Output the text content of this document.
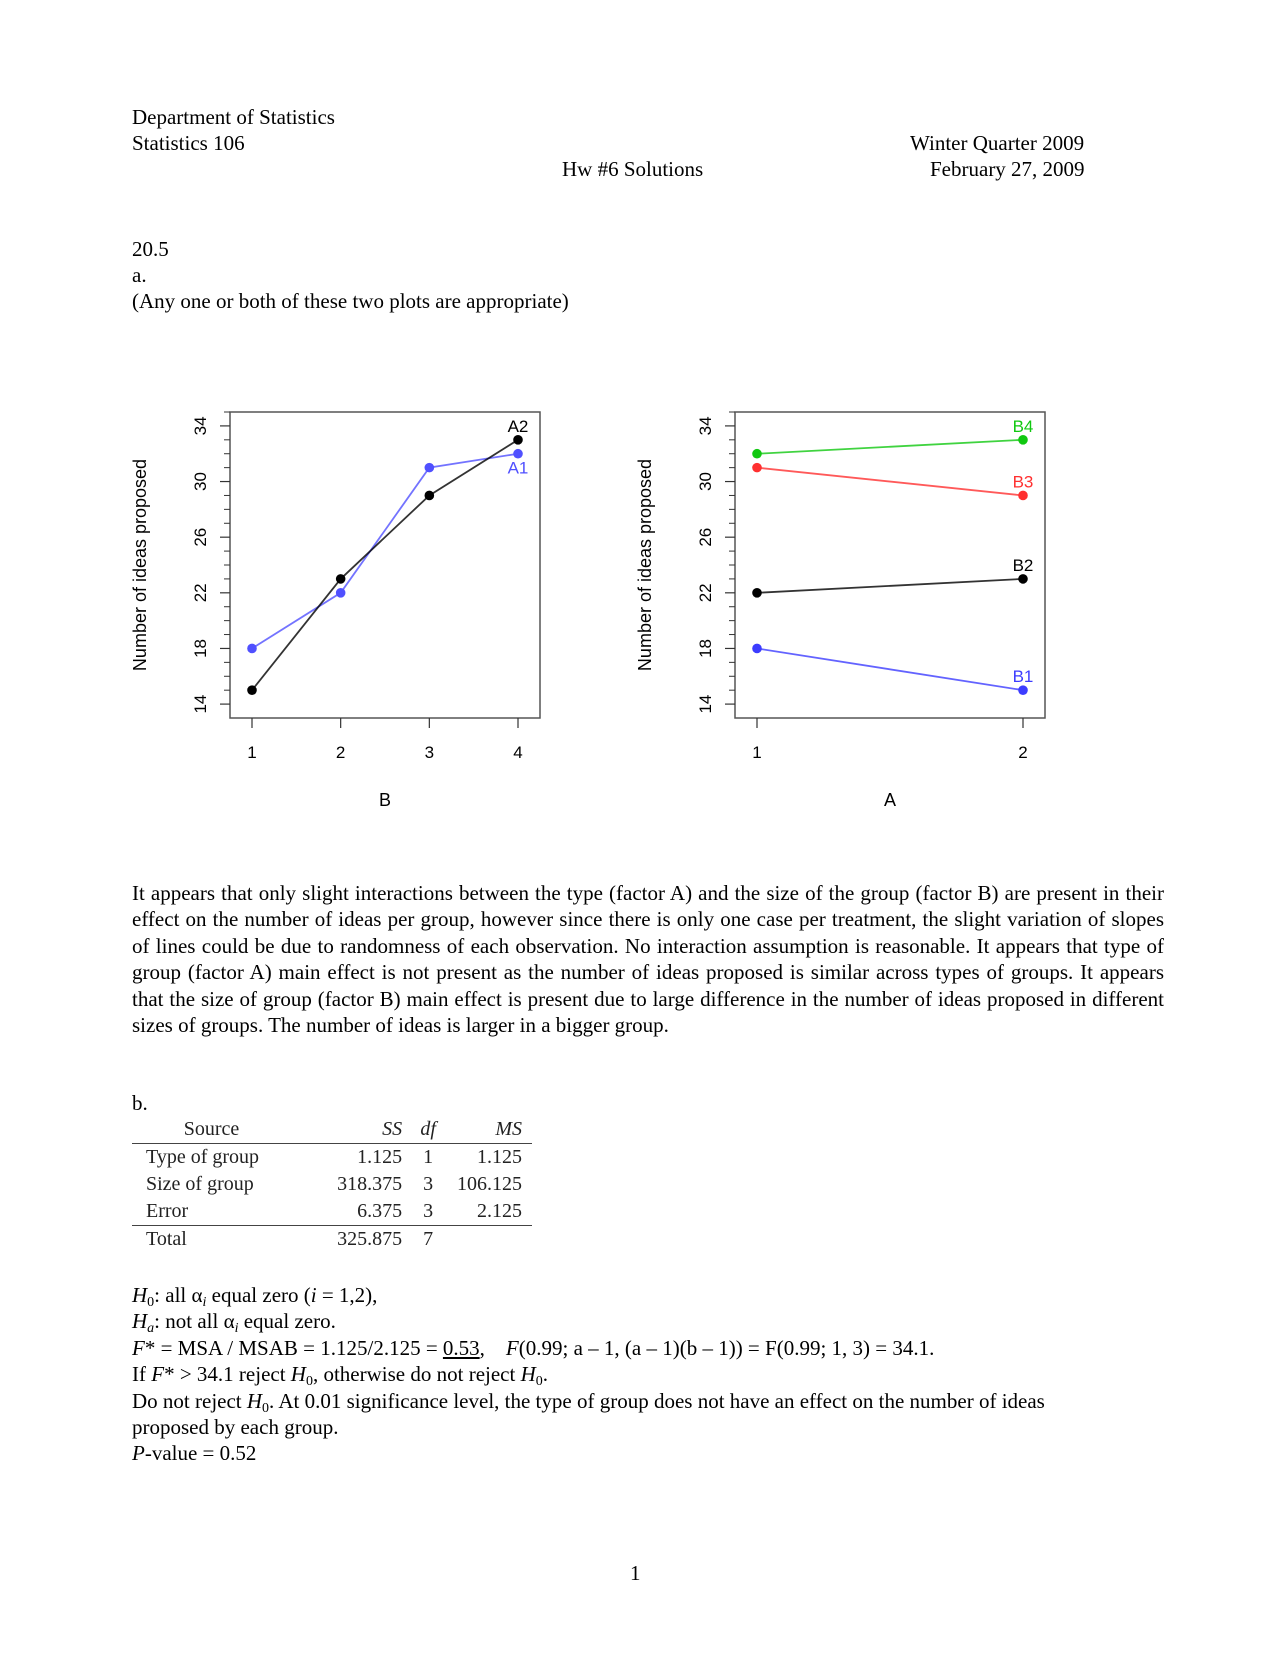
Department of Statistics
Statistics 106	Winter Quarter 2009
Hw #6 Solutions	February 27, 2009
20.5
a.
(Any one or both of these two plots are appropriate)
14
18
22
26
30
34
1	2	3	4
B
Number of ideas proposed	A1
A2
14
18
22
26
30
34
1	2
A
Number of ideas proposed
B1
B2
B3
B4

It appears that only slight interactions between the type (factor A) and the size of the group (factor B) are present in their effect on the number of ideas per group, however since there is only one case per treatment, the slight variation of slopes of lines could be due to randomness of each observation. No interaction assumption is reasonable. It appears that type of group (factor A) main effect is not present as the number of ideas proposed is similar across types of groups. It appears that the size of group (factor B) main effect is present due to large difference in the number of ideas proposed in different sizes of groups. The number of ideas is larger in a bigger group.

b.
Source	SS	df	MS
Type of group	1.125	1	1.125
Size of group	318.375	3	106.125
Error	6.375	3	2.125
Total	325.875	7	
$H_0$: all $\alpha_i$ equal zero (i = 1,2),
$H_a$: not all $\alpha_i$ equal zero.
F* = MSA / MSAB = 1.125/2.125 = 0.53,    F(0.99; a – 1, (a – 1)(b – 1)) = F(0.99; 1, 3) = 34.1.
If F* > 34.1 reject $H_0$, otherwise do not reject $H_0$.
Do not reject $H_0$. At 0.01 significance level, the type of group does not have an effect on the number of ideas
proposed by each group.
P-value = 0.52
1
